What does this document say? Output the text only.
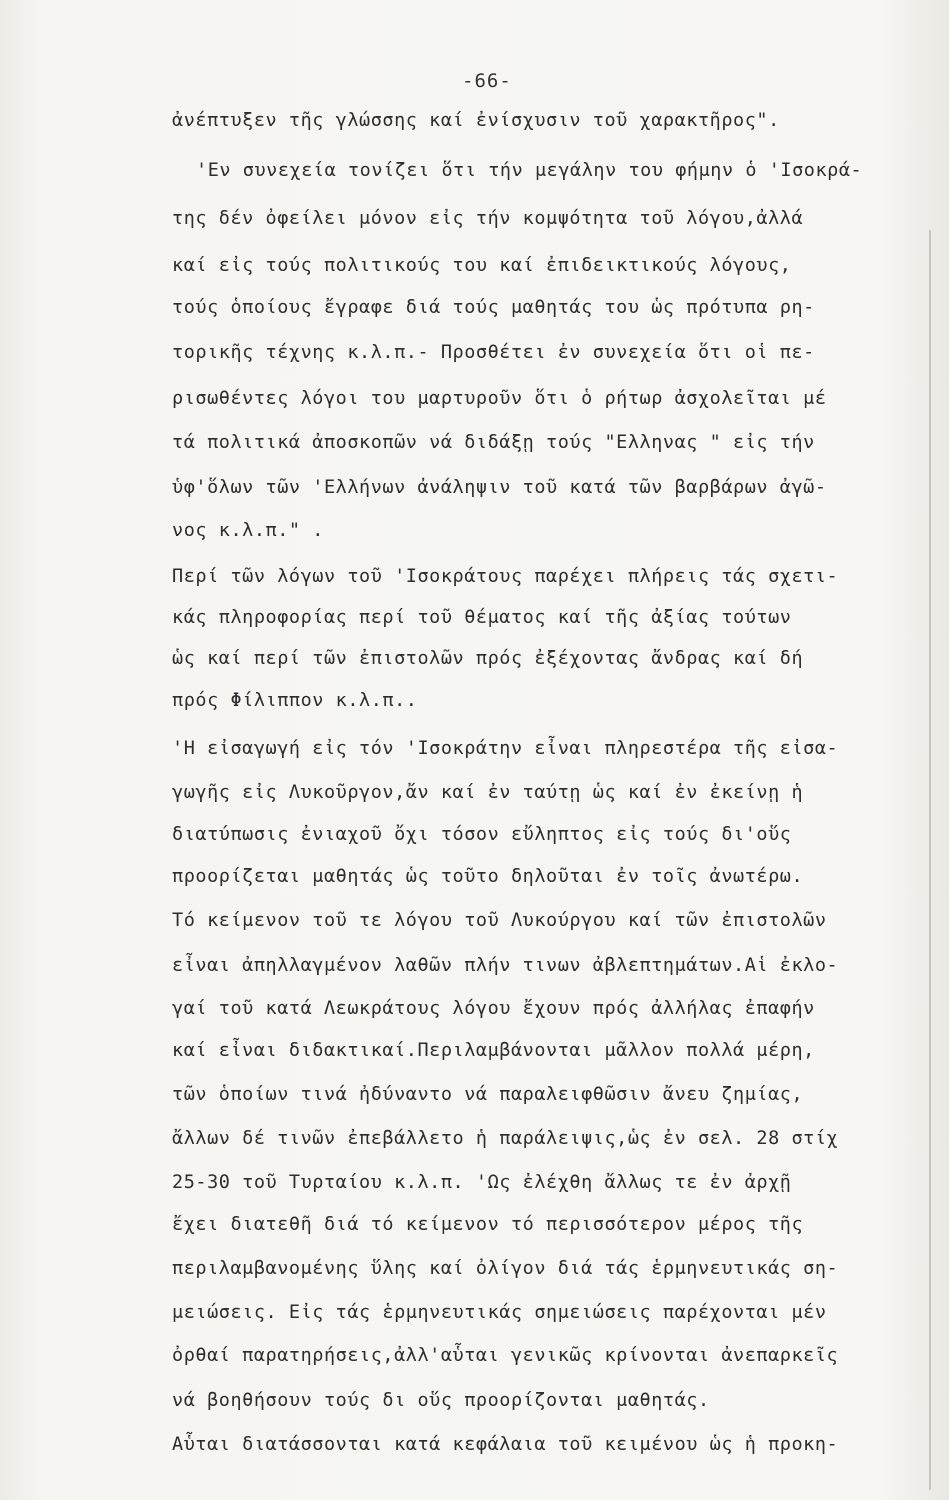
-66-
ἀνέπτυξεν τῆς γλώσσης καί ἐνίσχυσιν τοῦ χαρακτῆρος".
'Εν συνεχεία τονίζει ὅτι τήν μεγάλην του φήμην ὁ 'Ισοκρά-
της δέν ὀφείλει μόνον εἰς τήν κομψότητα τοῦ λόγου,ἀλλά
καί εἰς τούς πολιτικούς του καί ἐπιδεικτικούς λόγους,
τούς ὁποίους ἔγραφε διά τούς μαθητάς του ὡς πρότυπα ρη-
τορικῆς τέχνης κ.λ.π.- Προσθέτει ἐν συνεχεία ὅτι οἱ πε-
ρισωθέντες λόγοι του μαρτυροῦν ὅτι ὁ ρήτωρ ἀσχολεῖται μέ
τά πολιτικά ἀποσκοπῶν νά διδάξῃ τούς "Ελληνας " εἰς τήν
ὑφ'ὅλων τῶν 'Ελλήνων ἀνάληψιν τοῦ κατά τῶν βαρβάρων ἀγῶ-
νος κ.λ.π." .
Περί τῶν λόγων τοῦ 'Ισοκράτους παρέχει πλήρεις τάς σχετι-
κάς πληροφορίας περί τοῦ θέματος καί τῆς ἀξίας τούτων
ὡς καί περί τῶν ἐπιστολῶν πρός ἐξέχοντας ἄνδρας καί δή
πρός Φίλιππον κ.λ.π..
'Η εἰσαγωγή εἰς τόν 'Ισοκράτην εἶναι πληρεστέρα τῆς εἰσα-
γωγῆς εἰς Λυκοῦργον,ἄν καί ἐν ταύτῃ ὡς καί ἐν ἐκείνῃ ἡ
διατύπωσις ἐνιαχοῦ ὄχι τόσον εὔληπτος εἰς τούς δι'οὕς
προορίζεται μαθητάς ὡς τοῦτο δηλοῦται ἐν τοῖς ἀνωτέρω.
Τό κείμενον τοῦ τε λόγου τοῦ Λυκούργου καί τῶν ἐπιστολῶν
εἶναι ἀπηλλαγμένον λαθῶν πλήν τινων ἀβλεπτημάτων.Αἱ ἐκλο-
γαί τοῦ κατά Λεωκράτους λόγου ἔχουν πρός ἀλλήλας ἐπαφήν
καί εἶναι διδακτικαί.Περιλαμβάνονται μᾶλλον πολλά μέρη,
τῶν ὁποίων τινά ἠδύναντο νά παραλειφθῶσιν ἄνευ ζημίας,
ἄλλων δέ τινῶν ἐπεβάλλετο ἡ παράλειψις,ὡς ἐν σελ. 28 στίχ
25-30 τοῦ Τυρταίου κ.λ.π. 'Ως ἐλέχθη ἄλλως τε ἐν ἀρχῇ
ἔχει διατεθῆ διά τό κείμενον τό περισσότερον μέρος τῆς
περιλαμβανομένης ὕλης καί ὀλίγον διά τάς ἑρμηνευτικάς ση-
μειώσεις. Εἰς τάς ἑρμηνευτικάς σημειώσεις παρέχονται μέν
ὀρθαί παρατηρήσεις,ἀλλ'αὗται γενικῶς κρίνονται ἀνεπαρκεῖς
νά βοηθήσουν τούς δι οὕς προορίζονται μαθητάς.
Αὗται διατάσσονται κατά κεφάλαια τοῦ κειμένου ὡς ἡ προκη-
